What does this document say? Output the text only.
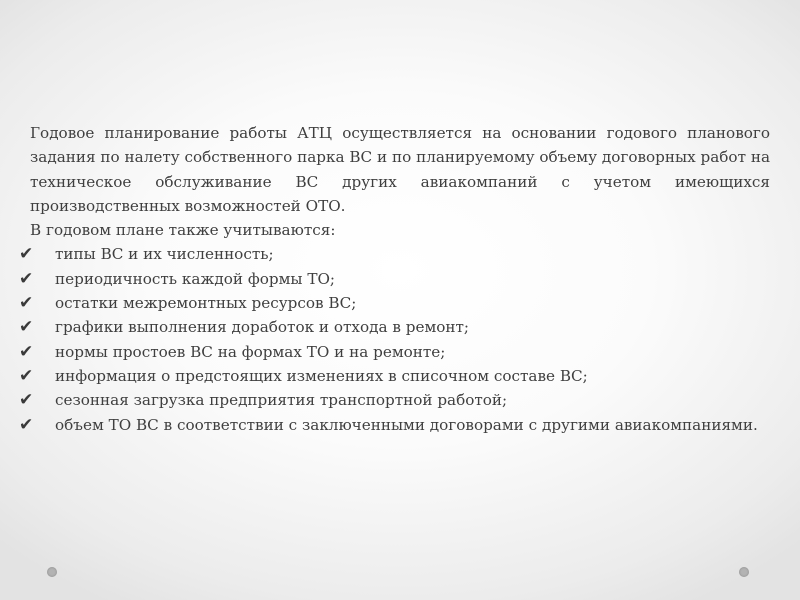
Годовое планирование работы АТЦ осуществляется на основании годового планового задания по налету собственного парка ВС и по планируемому объему договорных работ на техническое обслуживание ВС других авиакомпаний с учетом имеющихся производственных возможностей ОТО.

В годовом плане также учитываются:

✔ типы ВС и их численность;
✔ периодичность каждой формы ТО;
✔ остатки межремонтных ресурсов ВС;
✔ графики выполнения доработок и отхода в ремонт;
✔ нормы простоев ВС на формах ТО и на ремонте;
✔ информация о предстоящих изменениях в списочном составе ВС;
✔ сезонная загрузка предприятия транспортной работой;
✔ объем ТО ВС в соответствии с заключенными договорами с другими авиакомпаниями.
